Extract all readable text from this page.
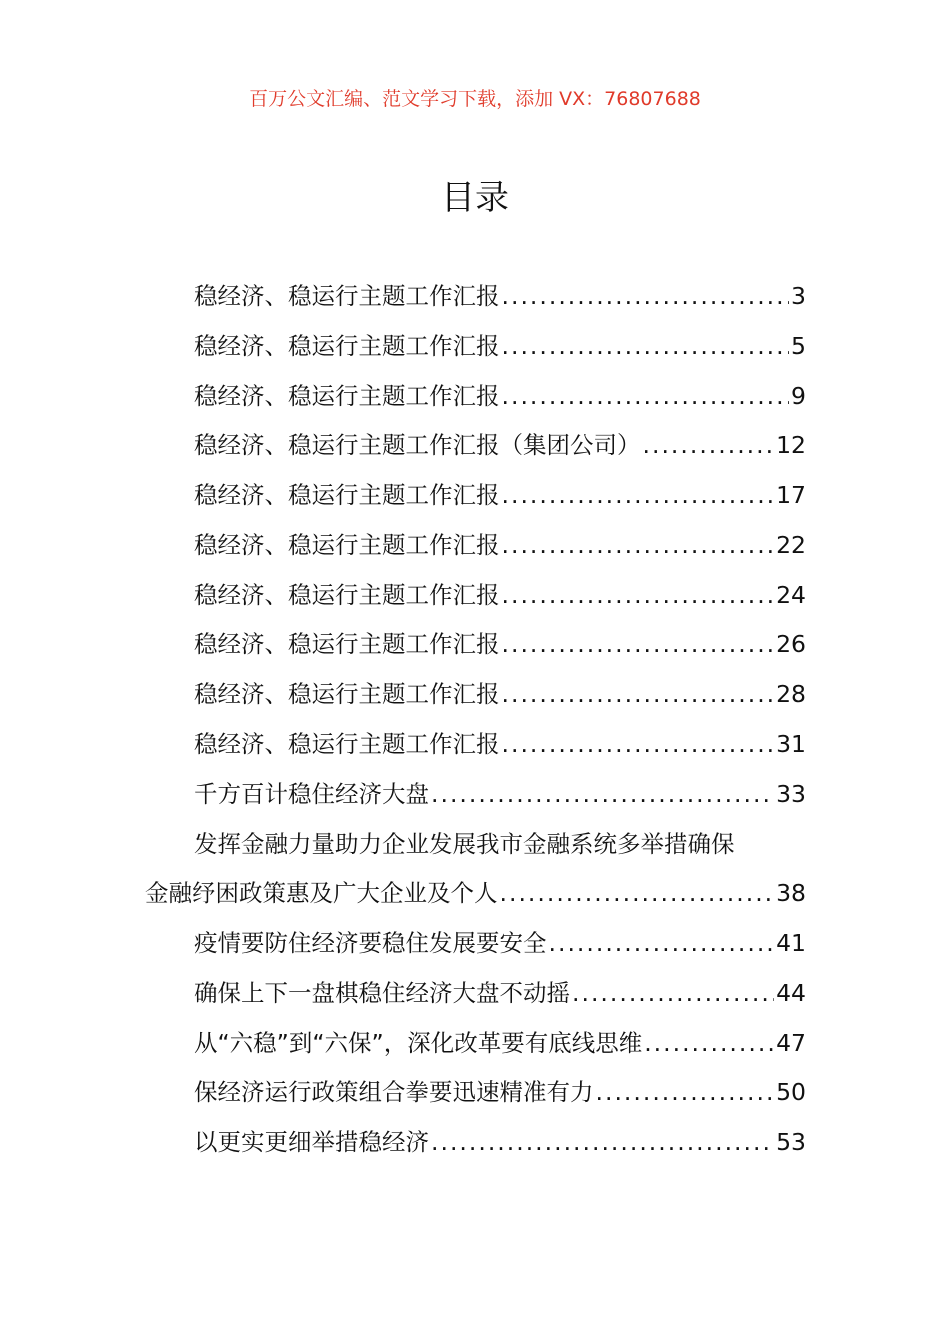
百万公文汇编、范文学习下载，添加 VX：76807688
目录
稳经济、稳运行主题工作汇报 .....	3
稳经济、稳运行主题工作汇报 .....	5
稳经济、稳运行主题工作汇报 .....	9
稳经济、稳运行主题工作汇报（集团公司） .....	12
稳经济、稳运行主题工作汇报 .....	17
稳经济、稳运行主题工作汇报 .....	22
稳经济、稳运行主题工作汇报 .....	24
稳经济、稳运行主题工作汇报 .....	26
稳经济、稳运行主题工作汇报 .....	28
稳经济、稳运行主题工作汇报 .....	31
千方百计稳住经济大盘 .....	33
发挥金融力量助力企业发展我市金融系统多举措确保
金融纾困政策惠及广大企业及个人 .....	38
疫情要防住经济要稳住发展要安全 .....	41
确保上下一盘棋稳住经济大盘不动摇 .....	44
从“六稳”到“六保”，深化改革要有底线思维 .....	47
保经济运行政策组合拳要迅速精准有力 .....	50
以更实更细举措稳经济 .....	53
